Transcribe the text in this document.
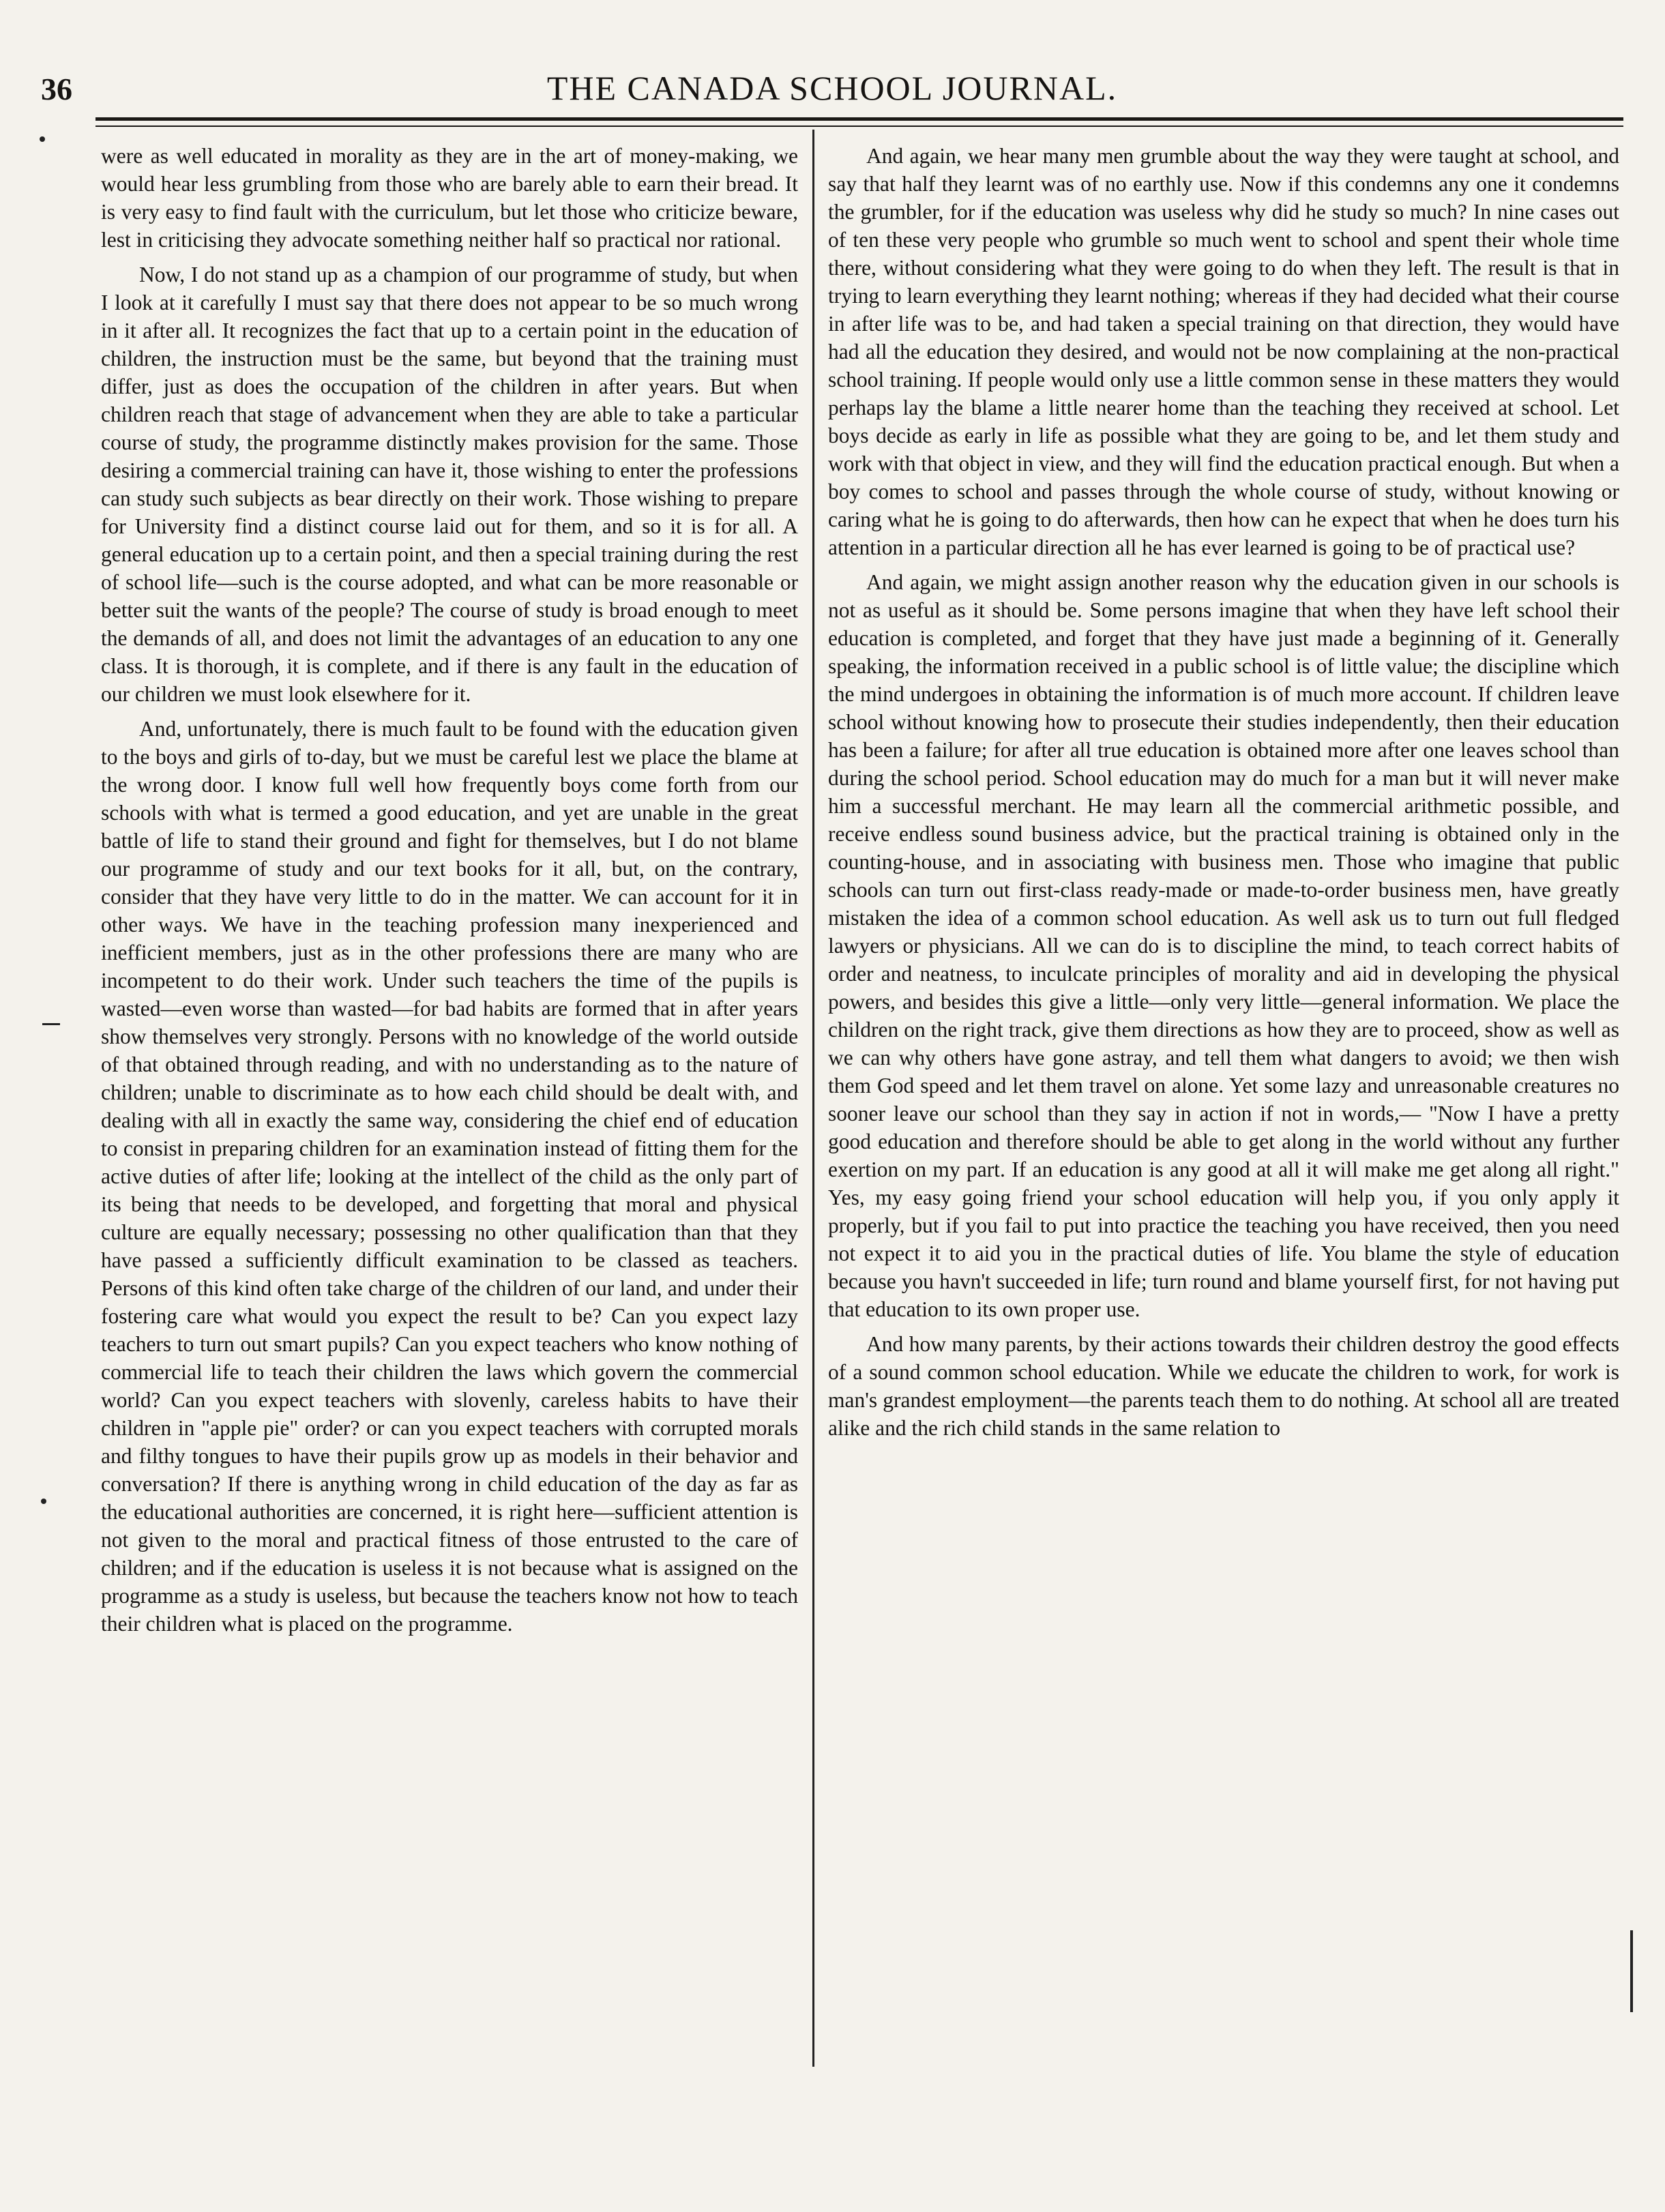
36	THE CANADA SCHOOL JOURNAL.

were as well educated in morality as they are in the art of money-making, we would hear less grumbling from those who are barely able to earn their bread. It is very easy to find fault with the curriculum, but let those who criticize beware, lest in criticising they advocate something neither half so practical nor rational.

Now, I do not stand up as a champion of our programme of study, but when I look at it carefully I must say that there does not appear to be so much wrong in it after all. It recognizes the fact that up to a certain point in the education of children, the instruction must be the same, but beyond that the training must differ, just as does the occupation of the children in after years. But when children reach that stage of advancement when they are able to take a particular course of study, the programme distinctly makes provision for the same. Those desiring a commercial training can have it, those wishing to enter the professions can study such subjects as bear directly on their work. Those wishing to prepare for University find a distinct course laid out for them, and so it is for all. A general education up to a certain point, and then a special training during the rest of school life—such is the course adopted, and what can be more reasonable or better suit the wants of the people? The course of study is broad enough to meet the demands of all, and does not limit the advantages of an education to any one class. It is thorough, it is complete, and if there is any fault in the education of our children we must look elsewhere for it.

And, unfortunately, there is much fault to be found with the education given to the boys and girls of to-day, but we must be careful lest we place the blame at the wrong door. I know full well how frequently boys come forth from our schools with what is termed a good education, and yet are unable in the great battle of life to stand their ground and fight for themselves, but I do not blame our programme of study and our text books for it all, but, on the contrary, consider that they have very little to do in the matter. We can account for it in other ways. We have in the teaching profession many inexperienced and inefficient members, just as in the other professions there are many who are incompetent to do their work. Under such teachers the time of the pupils is wasted—even worse than wasted—for bad habits are formed that in after years show themselves very strongly. Persons with no knowledge of the world outside of that obtained through reading, and with no understanding as to the nature of children; unable to discriminate as to how each child should be dealt with, and dealing with all in exactly the same way, considering the chief end of education to consist in preparing children for an examination instead of fitting them for the active duties of after life; looking at the intellect of the child as the only part of its being that needs to be developed, and forgetting that moral and physical culture are equally necessary; possessing no other qualification than that they have passed a sufficiently difficult examination to be classed as teachers. Persons of this kind often take charge of the children of our land, and under their fostering care what would you expect the result to be? Can you expect lazy teachers to turn out smart pupils? Can you expect teachers who know nothing of commercial life to teach their children the laws which govern the commercial world? Can you expect teachers with slovenly, careless habits to have their children in "apple pie" order? or can you expect teachers with corrupted morals and filthy tongues to have their pupils grow up as models in their behavior and conversation? If there is anything wrong in child education of the day as far as the educational authorities are concerned, it is right here—sufficient attention is not given to the moral and practical fitness of those entrusted to the care of children; and if the education is useless it is not because what is assigned on the programme as a study is useless, but because the teachers know not how to teach their children what is placed on the programme.

And again, we hear many men grumble about the way they were taught at school, and say that half they learnt was of no earthly use. Now if this condemns any one it condemns the grumbler, for if the education was useless why did he study so much? In nine cases out of ten these very people who grumble so much went to school and spent their whole time there, without considering what they were going to do when they left. The result is that in trying to learn everything they learnt nothing; whereas if they had decided what their course in after life was to be, and had taken a special training on that direction, they would have had all the education they desired, and would not be now complaining at the non-practical school training. If people would only use a little common sense in these matters they would perhaps lay the blame a little nearer home than the teaching they received at school. Let boys decide as early in life as possible what they are going to be, and let them study and work with that object in view, and they will find the education practical enough. But when a boy comes to school and passes through the whole course of study, without knowing or caring what he is going to do afterwards, then how can he expect that when he does turn his attention in a particular direction all he has ever learned is going to be of practical use?

And again, we might assign another reason why the education given in our schools is not as useful as it should be. Some persons imagine that when they have left school their education is completed, and forget that they have just made a beginning of it. Generally speaking, the information received in a public school is of little value; the discipline which the mind undergoes in obtaining the information is of much more account. If children leave school without knowing how to prosecute their studies independently, then their education has been a failure; for after all true education is obtained more after one leaves school than during the school period. School education may do much for a man but it will never make him a successful merchant. He may learn all the commercial arithmetic possible, and receive endless sound business advice, but the practical training is obtained only in the counting-house, and in associating with business men. Those who imagine that public schools can turn out first-class ready-made or made-to-order business men, have greatly mistaken the idea of a common school education. As well ask us to turn out full fledged lawyers or physicians. All we can do is to discipline the mind, to teach correct habits of order and neatness, to inculcate principles of morality and aid in developing the physical powers, and besides this give a little—only very little—general information. We place the children on the right track, give them directions as how they are to proceed, show as well as we can why others have gone astray, and tell them what dangers to avoid; we then wish them God speed and let them travel on alone. Yet some lazy and unreasonable creatures no sooner leave our school than they say in action if not in words,— "Now I have a pretty good education and therefore should be able to get along in the world without any further exertion on my part. If an education is any good at all it will make me get along all right." Yes, my easy going friend your school education will help you, if you only apply it properly, but if you fail to put into practice the teaching you have received, then you need not expect it to aid you in the practical duties of life. You blame the style of education because you havn't succeeded in life; turn round and blame yourself first, for not having put that education to its own proper use.

And how many parents, by their actions towards their children destroy the good effects of a sound common school education. While we educate the children to work, for work is man's grandest employment—the parents teach them to do nothing. At school all are treated alike and the rich child stands in the same relation to
